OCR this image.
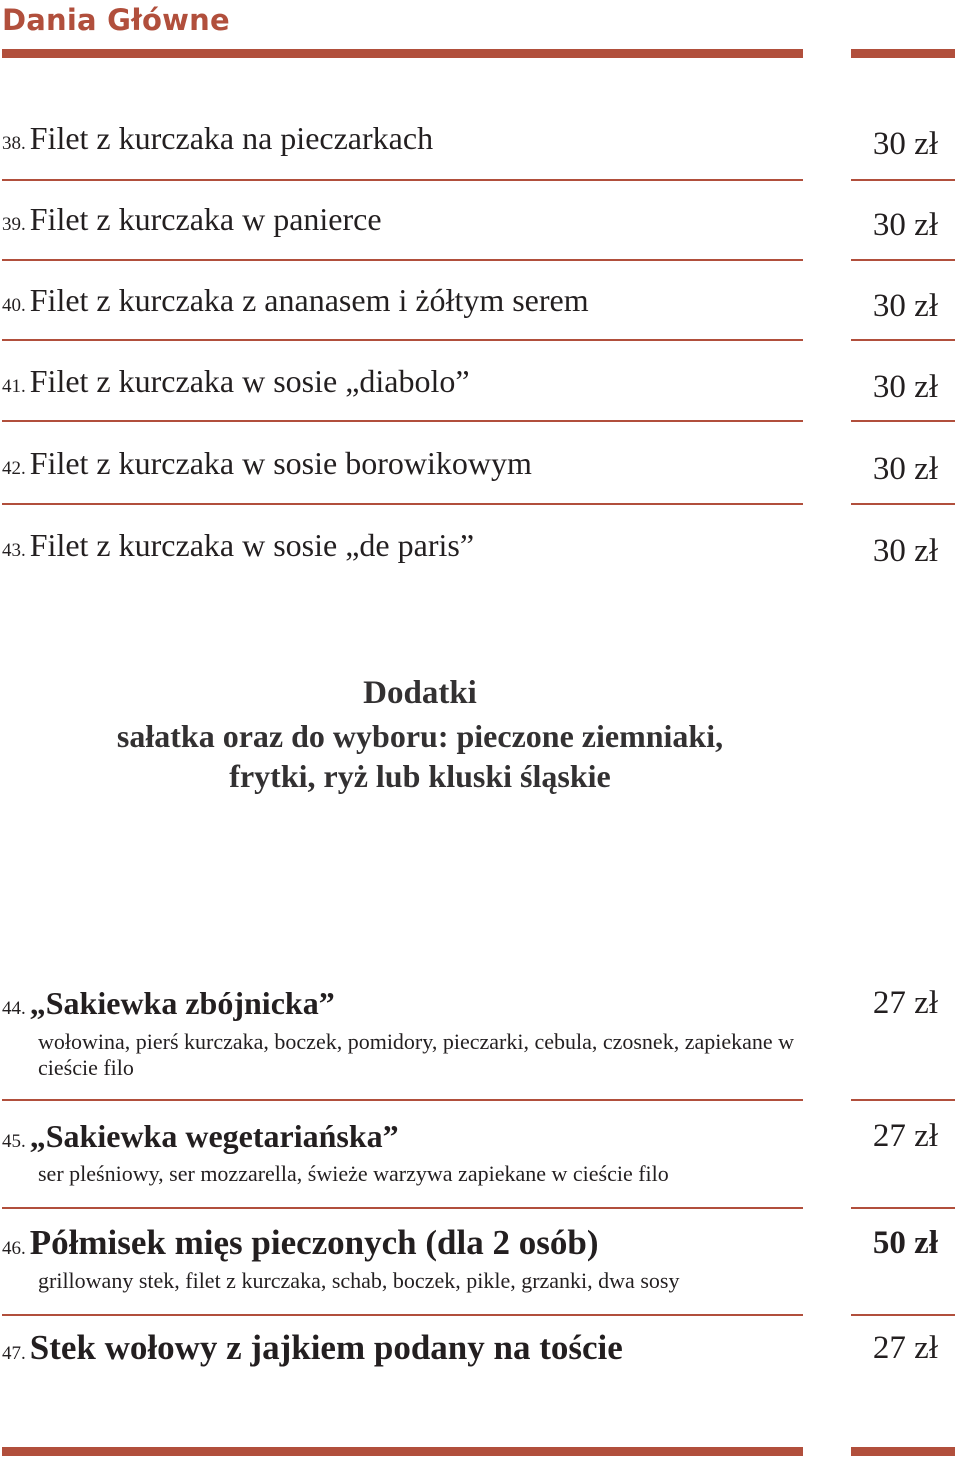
Dania Główne
38. Filet z kurczaka na pieczarkach	30 zł
39. Filet z kurczaka w panierce	30 zł
40. Filet z kurczaka z ananasem i żółtym serem	30 zł
41. Filet z kurczaka w sosie „diabolo”	30 zł
42. Filet z kurczaka w sosie borowikowym	30 zł
43. Filet z kurczaka w sosie „de paris”	30 zł
Dodatki
sałatka oraz do wyboru: pieczone ziemniaki,
frytki, ryż lub kluski śląskie
44. „Sakiewka zbójnicka”	27 zł
wołowina, pierś kurczaka, boczek, pomidory, pieczarki, cebula, czosnek, zapiekane w cieście filo
45. „Sakiewka wegetariańska”	27 zł
ser pleśniowy, ser mozzarella, świeże warzywa zapiekane w cieście filo
46. Półmisek mięs pieczonych (dla 2 osób)	50 zł
grillowany stek, filet z kurczaka, schab, boczek, pikle, grzanki, dwa sosy
47. Stek wołowy z jajkiem podany na toście	27 zł
